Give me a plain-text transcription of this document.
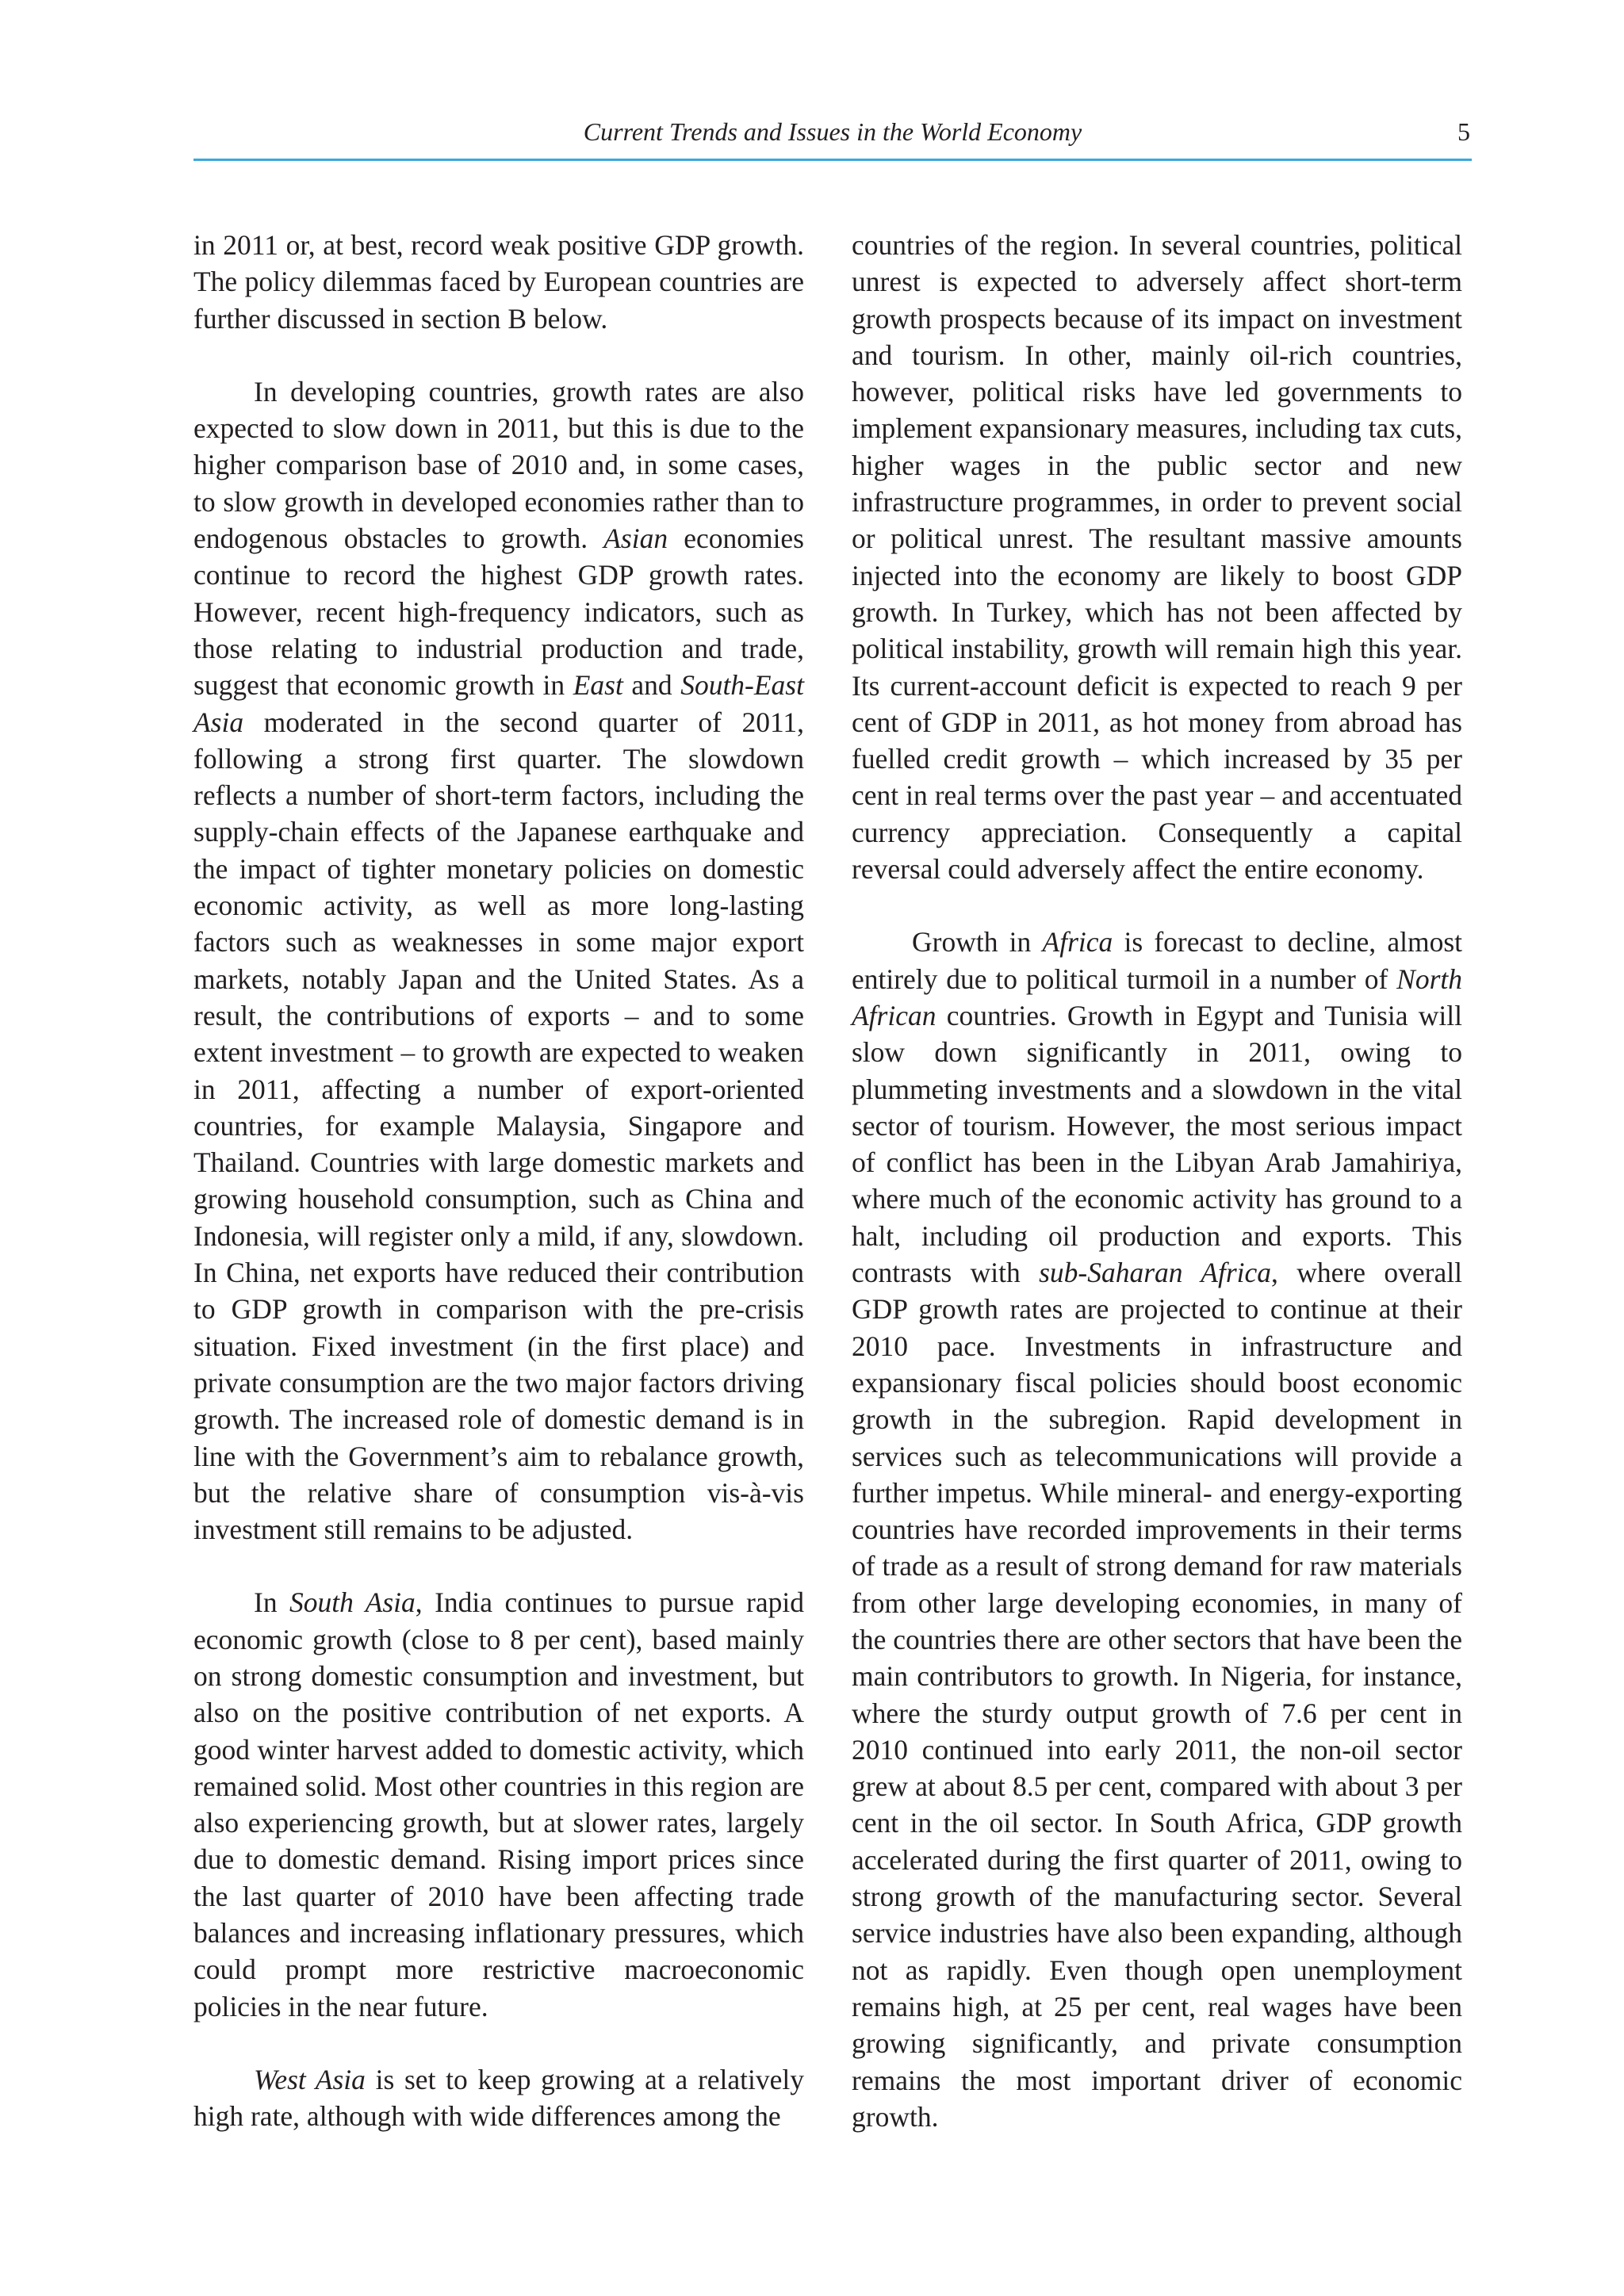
Current Trends and Issues in the World Economy	5

in 2011 or, at best, record weak positive GDP growth. The policy dilemmas faced by European countries are further discussed in section B below.

In developing countries, growth rates are also expected to slow down in 2011, but this is due to the higher comparison base of 2010 and, in some cases, to slow growth in developed economies rather than to endogenous obstacles to growth. Asian economies continue to record the highest GDP growth rates. However, recent high-frequency indicators, such as those relating to industrial production and trade, suggest that economic growth in East and South-East Asia moderated in the second quarter of 2011, following a strong first quarter. The slowdown reflects a number of short-term factors, including the supply-chain effects of the Japanese earthquake and the impact of tighter monetary policies on domestic economic activity, as well as more long-lasting factors such as weaknesses in some major export markets, notably Japan and the United States. As a result, the contributions of exports – and to some extent investment – to growth are expected to weaken in 2011, affecting a number of export-oriented countries, for example Malaysia, Singapore and Thailand. Countries with large domestic markets and growing household consumption, such as China and Indonesia, will register only a mild, if any, slowdown. In China, net exports have reduced their contribution to GDP growth in comparison with the pre-crisis situation. Fixed investment (in the first place) and private consumption are the two major factors driving growth. The increased role of domestic demand is in line with the Government’s aim to rebalance growth, but the relative share of consumption vis-à-vis investment still remains to be adjusted.

In South Asia, India continues to pursue rapid economic growth (close to 8 per cent), based mainly on strong domestic consumption and investment, but also on the positive contribution of net exports. A good winter harvest added to domestic activity, which remained solid. Most other countries in this region are also experiencing growth, but at slower rates, largely due to domestic demand. Rising import prices since the last quarter of 2010 have been affecting trade balances and increasing inflationary pressures, which could prompt more restrictive macroeconomic policies in the near future.

West Asia is set to keep growing at a relatively high rate, although with wide differences among the

countries of the region. In several countries, political unrest is expected to adversely affect short-term growth prospects because of its impact on investment and tourism. In other, mainly oil-rich countries, however, political risks have led governments to implement expansionary measures, including tax cuts, higher wages in the public sector and new infrastructure programmes, in order to prevent social or political unrest. The resultant massive amounts injected into the economy are likely to boost GDP growth. In Turkey, which has not been affected by political instability, growth will remain high this year. Its current-account deficit is expected to reach 9 per cent of GDP in 2011, as hot money from abroad has fuelled credit growth – which increased by 35 per cent in real terms over the past year – and accentuated currency appreciation. Consequently a capital reversal could adversely affect the entire economy.

Growth in Africa is forecast to decline, almost entirely due to political turmoil in a number of North African countries. Growth in Egypt and Tunisia will slow down significantly in 2011, owing to plummeting investments and a slowdown in the vital sector of tourism. However, the most serious impact of conflict has been in the Libyan Arab Jamahiriya, where much of the economic activity has ground to a halt, including oil production and exports. This contrasts with sub-Saharan Africa, where overall GDP growth rates are projected to continue at their 2010 pace. Investments in infrastructure and expansionary fiscal policies should boost economic growth in the subregion. Rapid development in services such as telecommunications will provide a further impetus. While mineral- and energy-exporting countries have recorded improvements in their terms of trade as a result of strong demand for raw materials from other large developing economies, in many of the countries there are other sectors that have been the main contributors to growth. In Nigeria, for instance, where the sturdy output growth of 7.6 per cent in 2010 continued into early 2011, the non-oil sector grew at about 8.5 per cent, compared with about 3 per cent in the oil sector. In South Africa, GDP growth accelerated during the first quarter of 2011, owing to strong growth of the manufacturing sector. Several service industries have also been expanding, although not as rapidly. Even though open unemployment remains high, at 25 per cent, real wages have been growing significantly, and private consumption remains the most important driver of economic growth.
